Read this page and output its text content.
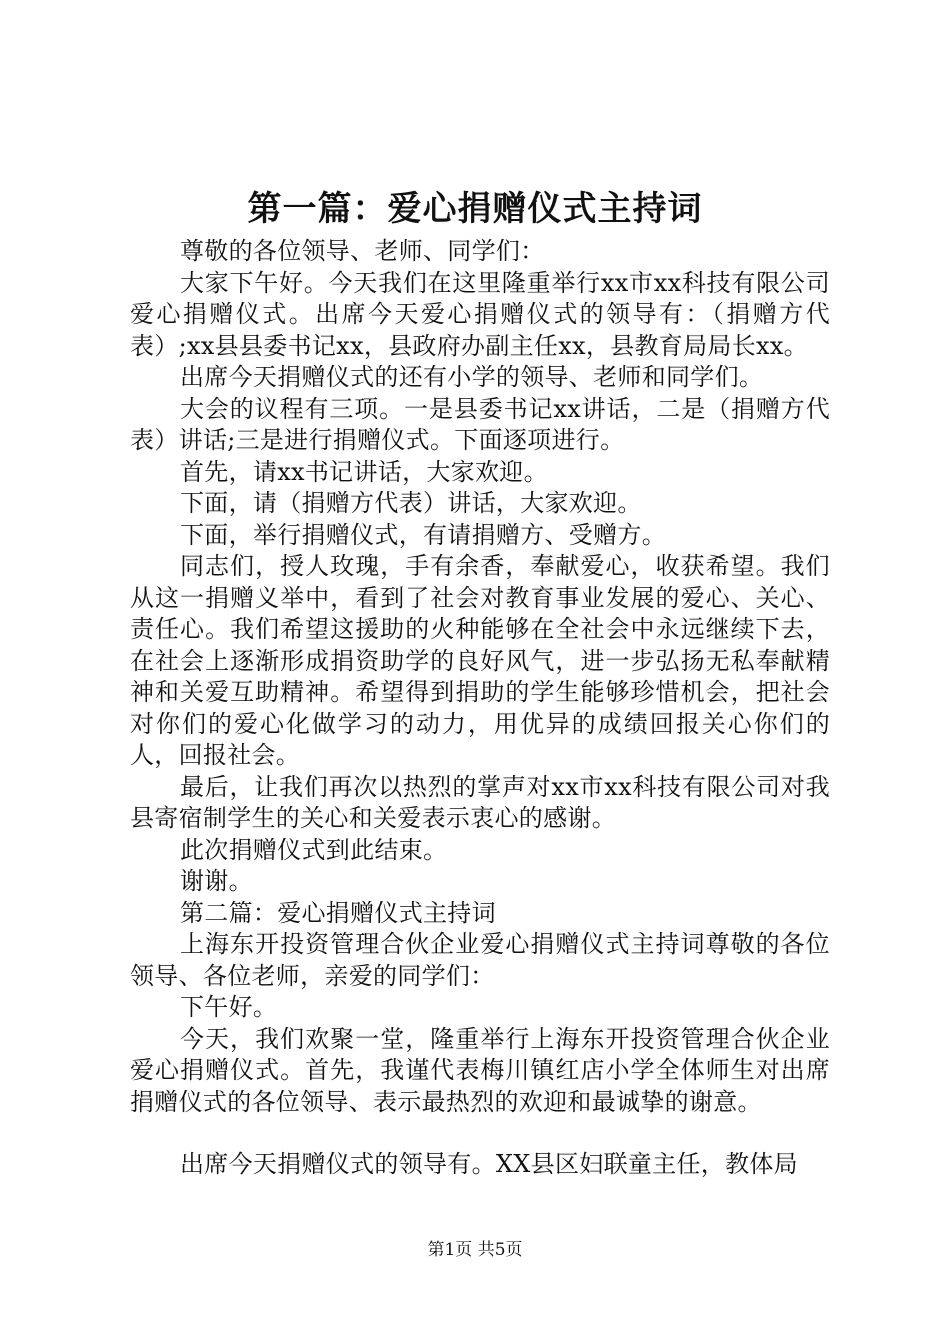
第一篇：爱心捐赠仪式主持词

尊敬的各位领导、老师、同学们：

大家下午好。今天我们在这里隆重举行xx市xx科技有限公司爱心捐赠仪式。出席今天爱心捐赠仪式的领导有：（捐赠方代表）;xx县县委书记xx，县政府办副主任xx，县教育局局长xx。

出席今天捐赠仪式的还有小学的领导、老师和同学们。

大会的议程有三项。一是县委书记xx讲话，二是（捐赠方代表）讲话;三是进行捐赠仪式。下面逐项进行。

首先，请xx书记讲话，大家欢迎。

下面，请（捐赠方代表）讲话，大家欢迎。

下面，举行捐赠仪式，有请捐赠方、受赠方。

同志们，授人玫瑰，手有余香，奉献爱心，收获希望。我们从这一捐赠义举中，看到了社会对教育事业发展的爱心、关心、责任心。我们希望这援助的火种能够在全社会中永远继续下去，在社会上逐渐形成捐资助学的良好风气，进一步弘扬无私奉献精神和关爱互助精神。希望得到捐助的学生能够珍惜机会，把社会对你们的爱心化做学习的动力，用优异的成绩回报关心你们的人，回报社会。

最后，让我们再次以热烈的掌声对xx市xx科技有限公司对我县寄宿制学生的关心和关爱表示衷心的感谢。

此次捐赠仪式到此结束。

谢谢。

第二篇：爱心捐赠仪式主持词

上海东开投资管理合伙企业爱心捐赠仪式主持词尊敬的各位领导、各位老师，亲爱的同学们：

下午好。

今天，我们欢聚一堂，隆重举行上海东开投资管理合伙企业爱心捐赠仪式。首先，我谨代表梅川镇红店小学全体师生对出席捐赠仪式的各位领导、表示最热烈的欢迎和最诚挚的谢意。

出席今天捐赠仪式的领导有。XX县区妇联童主任，教体局

第1页 共5页
